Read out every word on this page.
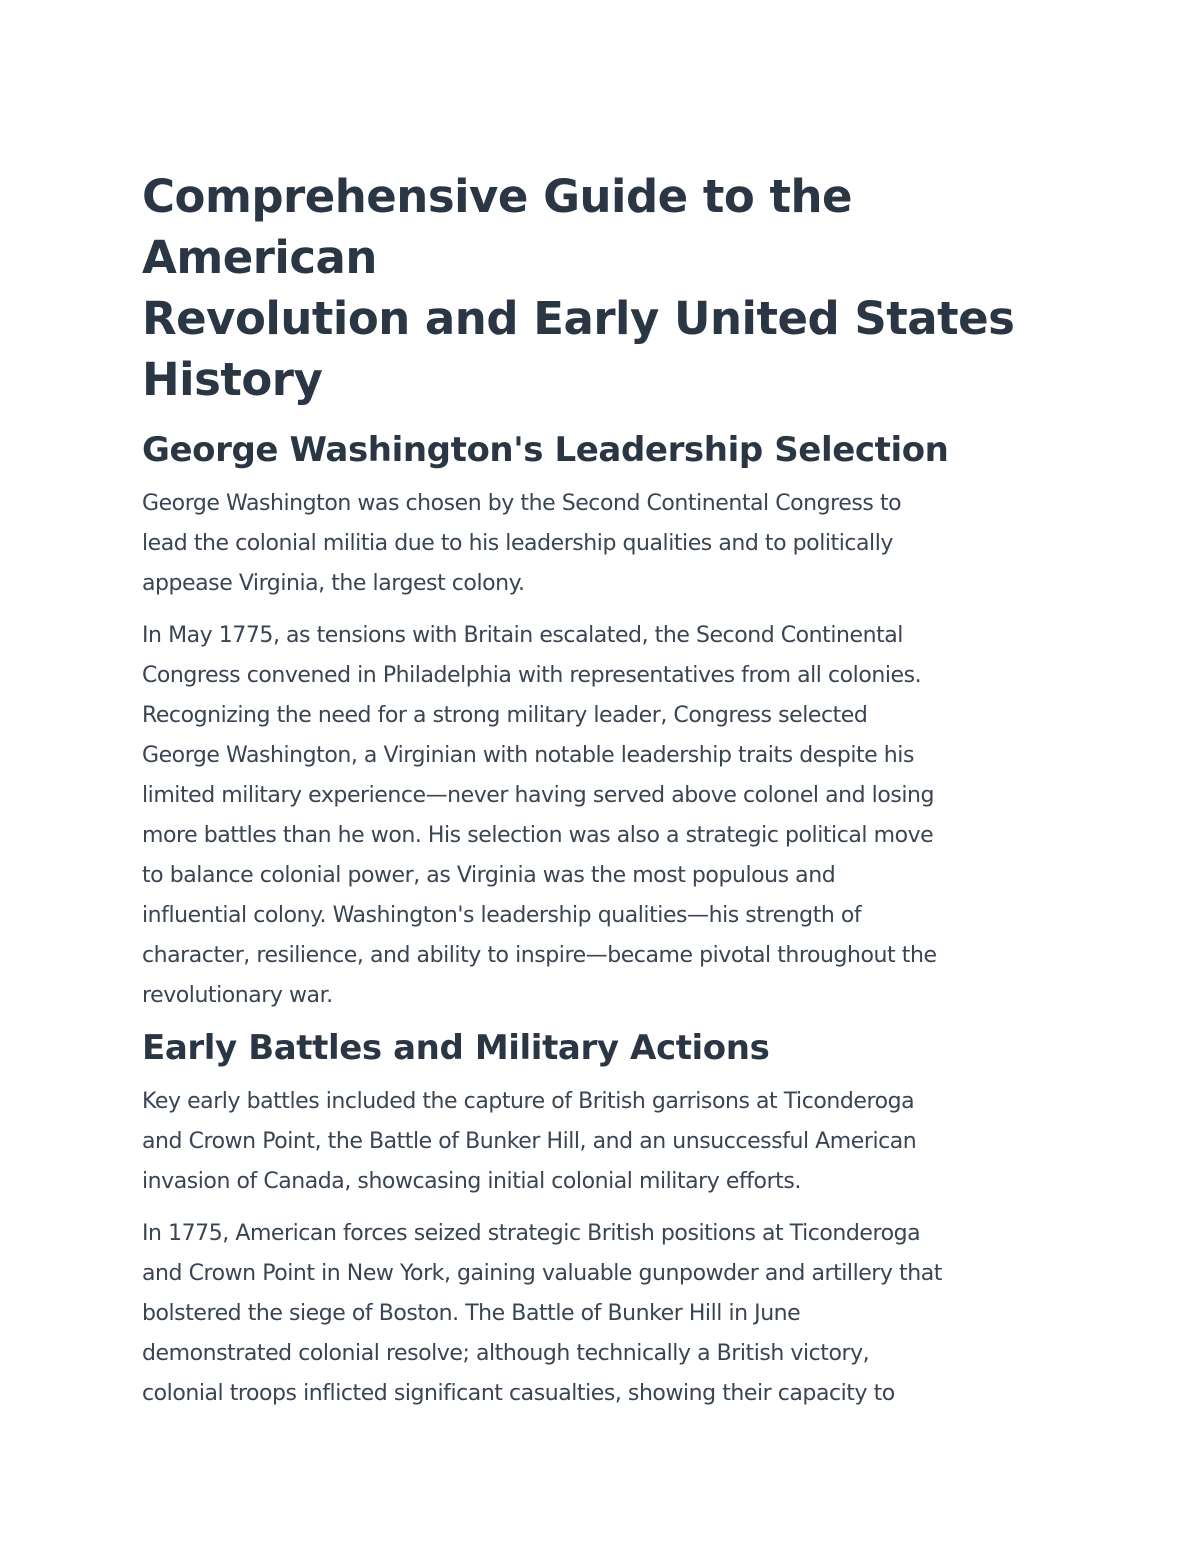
Comprehensive Guide to the American
Revolution and Early United States
History
George Washington's Leadership Selection

George Washington was chosen by the Second Continental Congress to
lead the colonial militia due to his leadership qualities and to politically
appease Virginia, the largest colony.

In May 1775, as tensions with Britain escalated, the Second Continental
Congress convened in Philadelphia with representatives from all colonies.
Recognizing the need for a strong military leader, Congress selected
George Washington, a Virginian with notable leadership traits despite his
limited military experience—never having served above colonel and losing
more battles than he won. His selection was also a strategic political move
to balance colonial power, as Virginia was the most populous and
influential colony. Washington's leadership qualities—his strength of
character, resilience, and ability to inspire—became pivotal throughout the
revolutionary war.

Early Battles and Military Actions

Key early battles included the capture of British garrisons at Ticonderoga
and Crown Point, the Battle of Bunker Hill, and an unsuccessful American
invasion of Canada, showcasing initial colonial military efforts.

In 1775, American forces seized strategic British positions at Ticonderoga
and Crown Point in New York, gaining valuable gunpowder and artillery that
bolstered the siege of Boston. The Battle of Bunker Hill in June
demonstrated colonial resolve; although technically a British victory,
colonial troops inflicted significant casualties, showing their capacity to
